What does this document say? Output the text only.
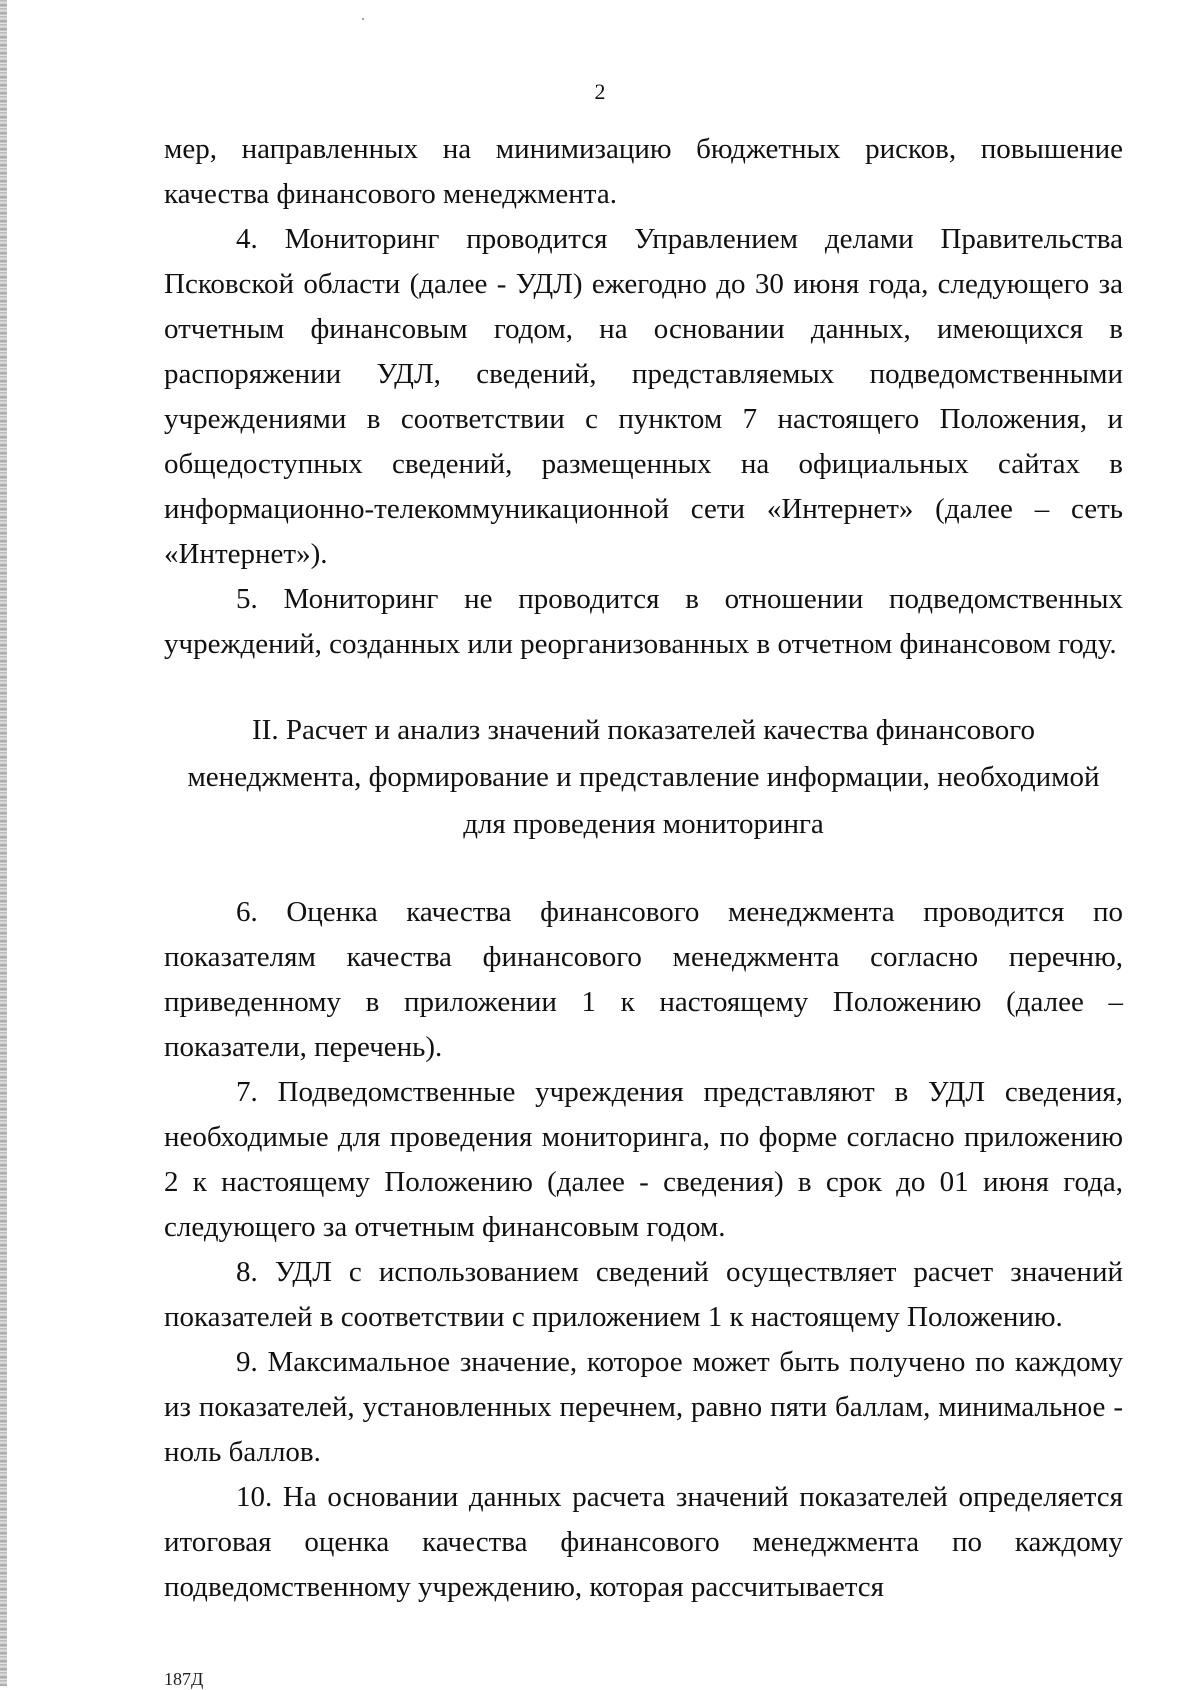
2

мер, направленных на минимизацию бюджетных рисков, повышение качества финансового менеджмента.

4. Мониторинг проводится Управлением делами Правительства Псковской области (далее - УДЛ) ежегодно до 30 июня года, следующего за отчетным финансовым годом, на основании данных, имеющихся в распоряжении УДЛ, сведений, представляемых подведомственными учреждениями в соответствии с пунктом 7 настоящего Положения, и общедоступных сведений, размещенных на официальных сайтах в информационно-телекоммуникационной сети «Интернет» (далее – сеть «Интернет»).

5. Мониторинг не проводится в отношении подведомственных учреждений, созданных или реорганизованных в отчетном финансовом году.

II. Расчет и анализ значений показателей качества финансового
менеджмента, формирование и представление информации, необходимой
для проведения мониторинга

6. Оценка качества финансового менеджмента проводится по показателям качества финансового менеджмента согласно перечню, приведенному в приложении 1 к настоящему Положению (далее – показатели, перечень).

7. Подведомственные учреждения представляют в УДЛ сведения, необходимые для проведения мониторинга, по форме согласно приложению 2 к настоящему Положению (далее - сведения) в срок до 01 июня года, следующего за отчетным финансовым годом.

8. УДЛ с использованием сведений осуществляет расчет значений показателей в соответствии с приложением 1 к настоящему Положению.

9. Максимальное значение, которое может быть получено по каждому из показателей, установленных перечнем, равно пяти баллам, минимальное - ноль баллов.

10. На основании данных расчета значений показателей определяется итоговая оценка качества финансового менеджмента по каждому подведомственному учреждению, которая рассчитывается

187Д
